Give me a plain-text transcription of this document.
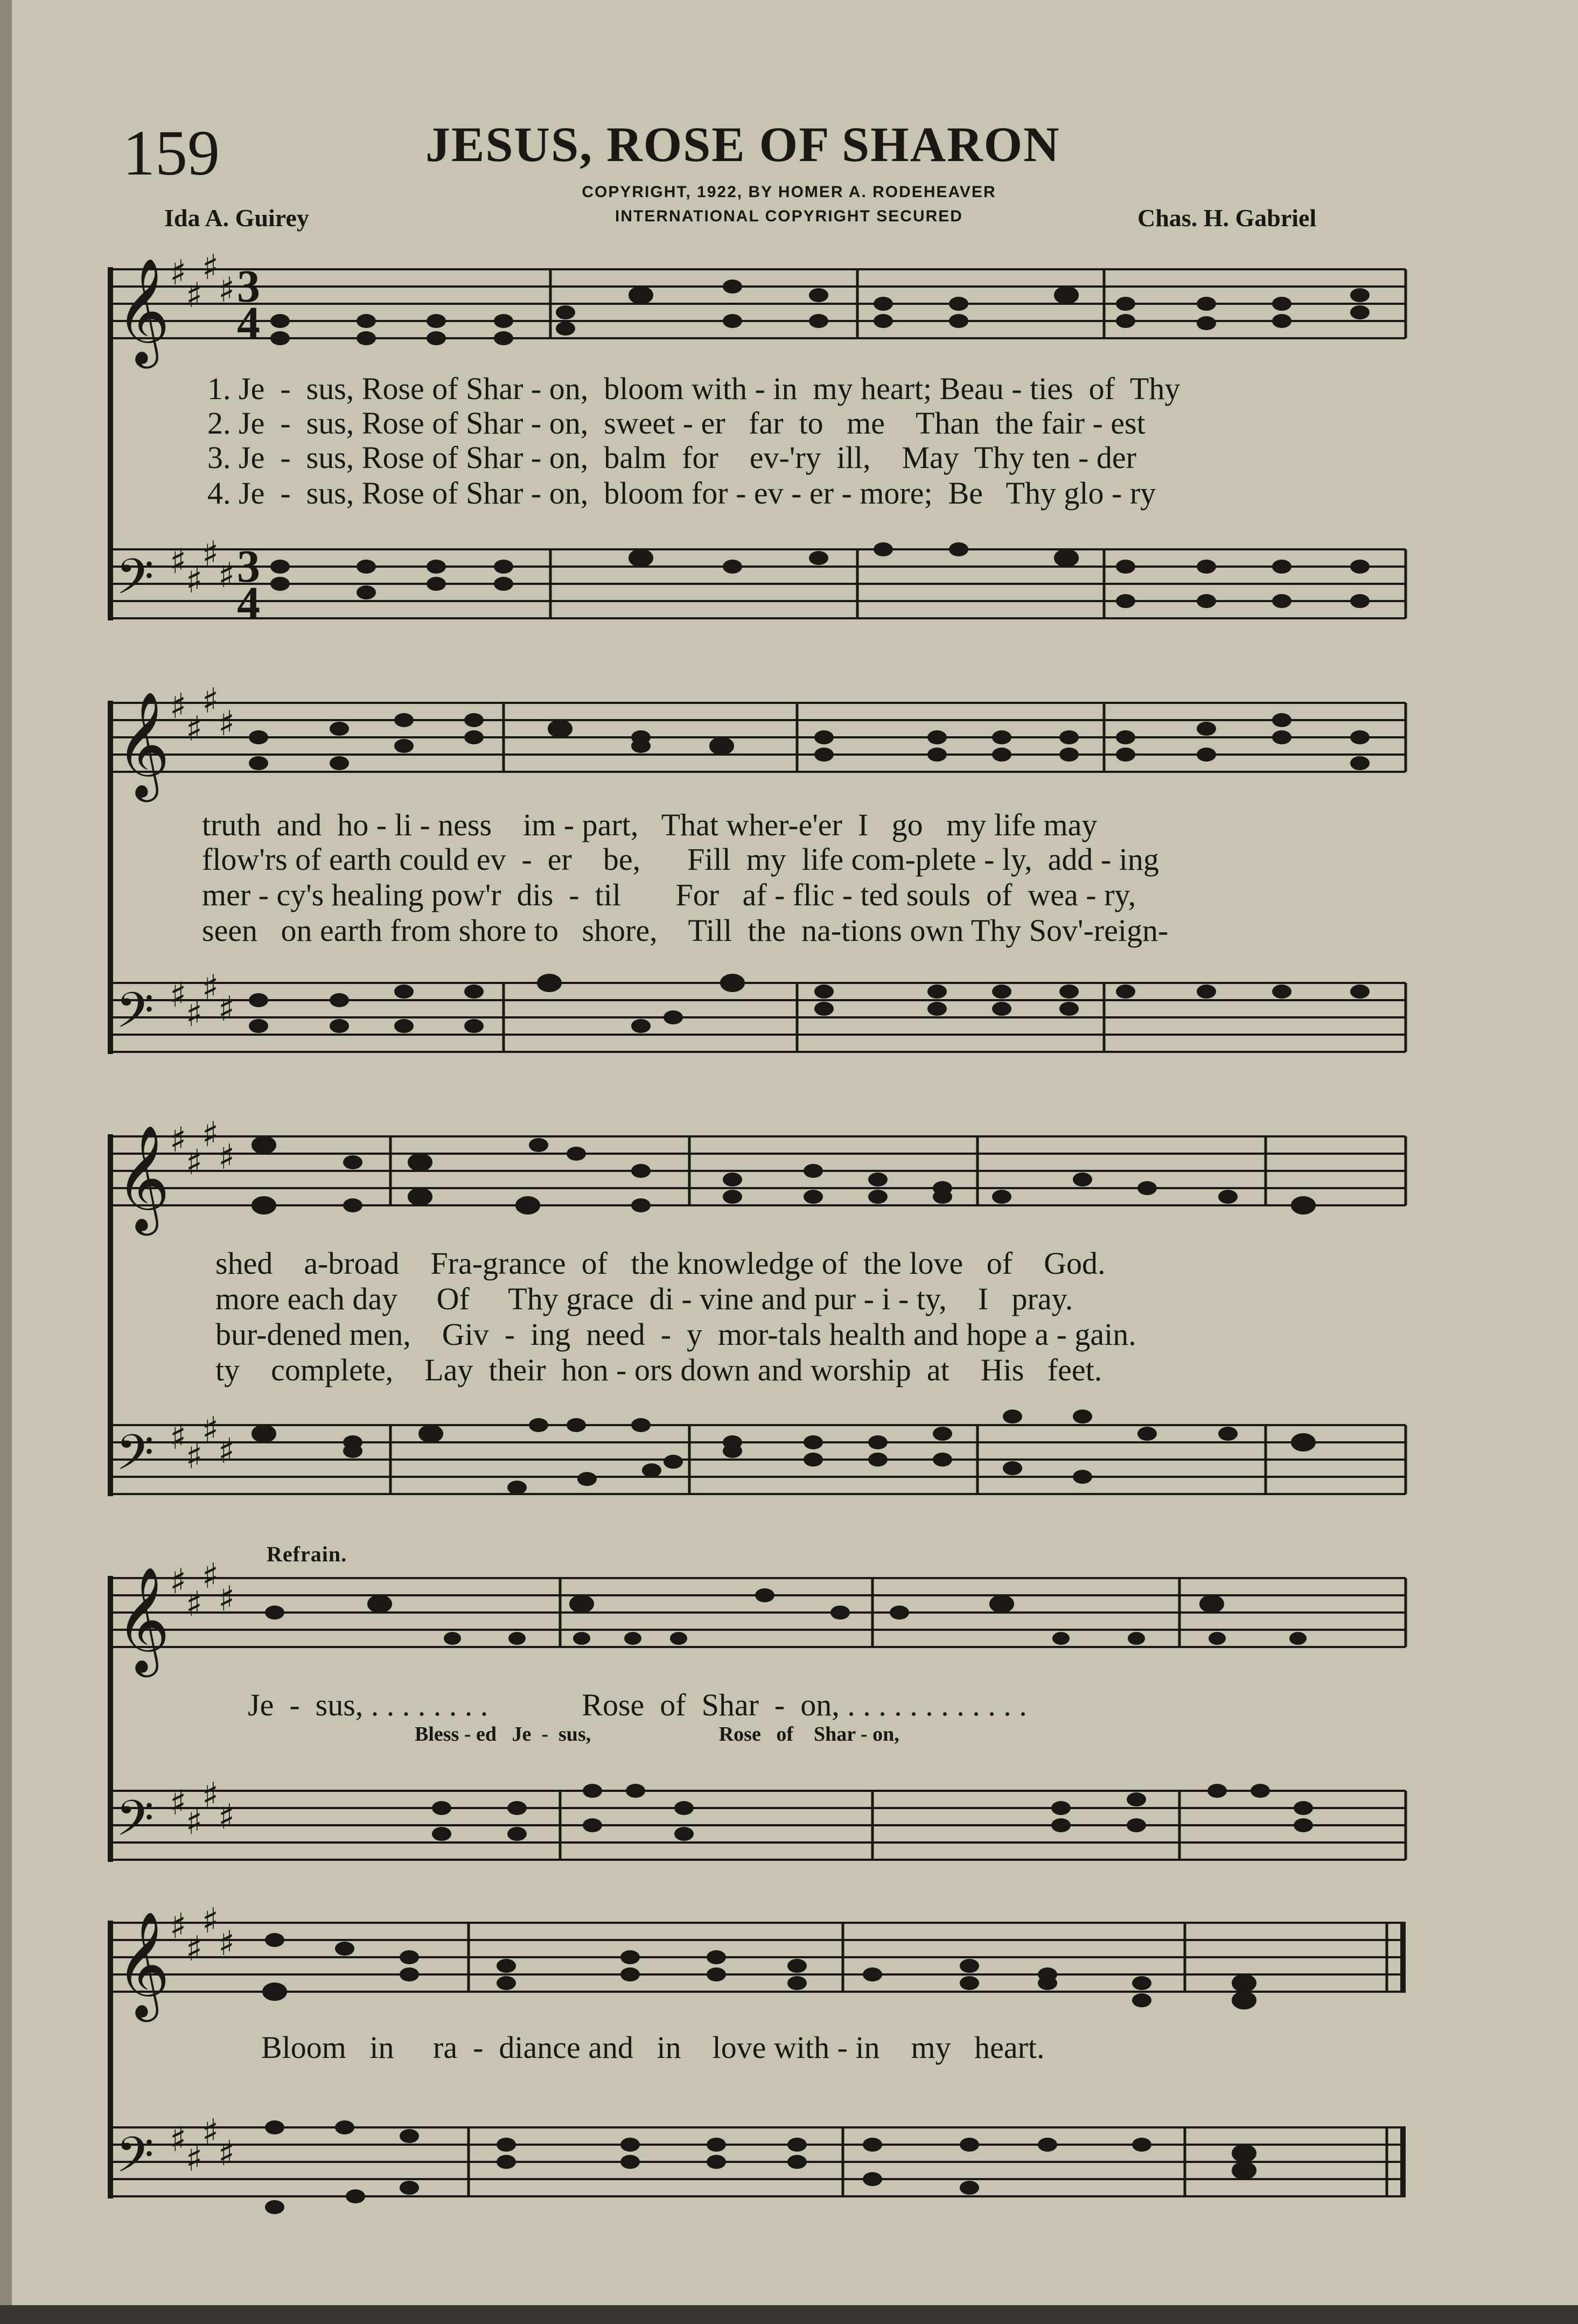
159	JESUS, ROSE OF SHARON
COPYRIGHT, 1922, BY HOMER A. RODEHEAVER
INTERNATIONAL COPYRIGHT SECURED
Ida A. Guirey	Chas. H. Gabriel
𝄞
𝄢
♯
♯
♯
♯
♯ ♯
♯
♯
3
4
3
4
1. Je  -  sus, Rose of Shar - on,  bloom with - in  my heart; Beau - ties  of  Thy
2. Je  -  sus, Rose of Shar - on,  sweet - er   far  to   me    Than  the fair - est
3. Je  -  sus, Rose of Shar - on,  balm  for    ev-'ry  ill,    May  Thy ten - der
4. Je  -  sus, Rose of Shar - on,  bloom for - ev - er - more;  Be   Thy glo - ry
𝄞
𝄢
♯
♯
♯
♯
♯ ♯
♯
♯
truth  and  ho - li - ness    im - part,   That wher-e'er  I   go   my life may
flow'rs of earth could ev  -  er    be,      Fill  my  life com-plete - ly,  add - ing
mer - cy's healing pow'r  dis  -  til       For   af - flic - ted souls  of  wea - ry,
seen   on earth from shore to   shore,    Till  the  na-tions own Thy Sov'-reign-
𝄞
𝄢
♯
♯
♯
♯
♯ ♯
♯
♯
shed    a-broad    Fra-grance  of   the knowledge of  the love   of    God.
more each day     Of     Thy grace  di - vine and pur - i - ty,    I   pray.
bur-dened men,    Giv  -  ing  need  -  y  mor-tals health and hope a - gain.
ty    complete,    Lay  their  hon - ors down and worship  at    His   feet.
Refrain.
𝄞
𝄢
♯
♯
♯
♯
♯ ♯
♯
♯
Je  -  sus, . . . . . . . .            Rose  of  Shar  -  on, . . . . . . . . . . . .
Bless - ed   Je  -  sus,                         Rose   of    Shar - on,
𝄞
𝄢
♯
♯
♯
♯
♯ ♯
♯
♯
Bloom   in     ra  -  diance and   in    love with - in    my   heart.
